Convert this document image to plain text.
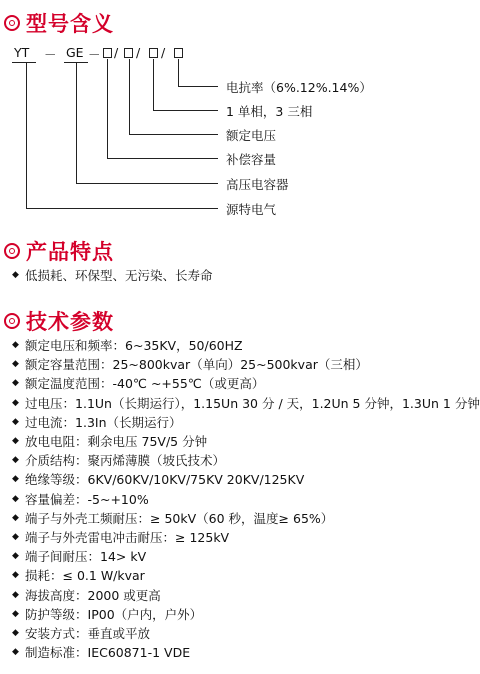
型号含义
YT － GE － / / /
电抗率（6%.12%.14%）
1 单相，3 三相
额定电压
补偿容量
高压电容器
源特电气
产品特点
◆ 低损耗、环保型、无污染、长寿命
技术参数
◆ 额定电压和频率 ：6~35KV，50/60HZ
◆ 额定容量范围 ：25~800kvar（单向）25~500kvar（三相）
◆ 额定温度范围 ：-40℃ ~+55℃（或更高）
◆ 过电压 ：1.1Un（长期运行），1.15Un 30 分 / 天，1.2Un 5 分钟，1.3Un 1 分钟
◆ 过电流 ：1.3In（长期运行）
◆ 放电电阻 ：剩余电压 75V/5 分钟
◆ 介质结构 ：聚丙烯薄膜（坡氏技术）
◆ 绝缘等级 ：6KV/60KV/10KV/75KV 20KV/125KV
◆ 容量偏差 ：-5~+10%
◆ 端子与外壳工频耐压 ：≥ 50kV（60 秒，温度≥ 65%）
◆ 端子与外壳雷电冲击耐压 ：≥ 125kV
◆ 端子间耐压 ：14> kV
◆ 损耗 ：≤ 0.1 W/kvar
◆ 海拔高度 ：2000 或更高
◆ 防护等级 ：IP00（户内，户外）
◆ 安装方式 ：垂直或平放
◆ 制造标准 ：IEC60871-1 VDE
